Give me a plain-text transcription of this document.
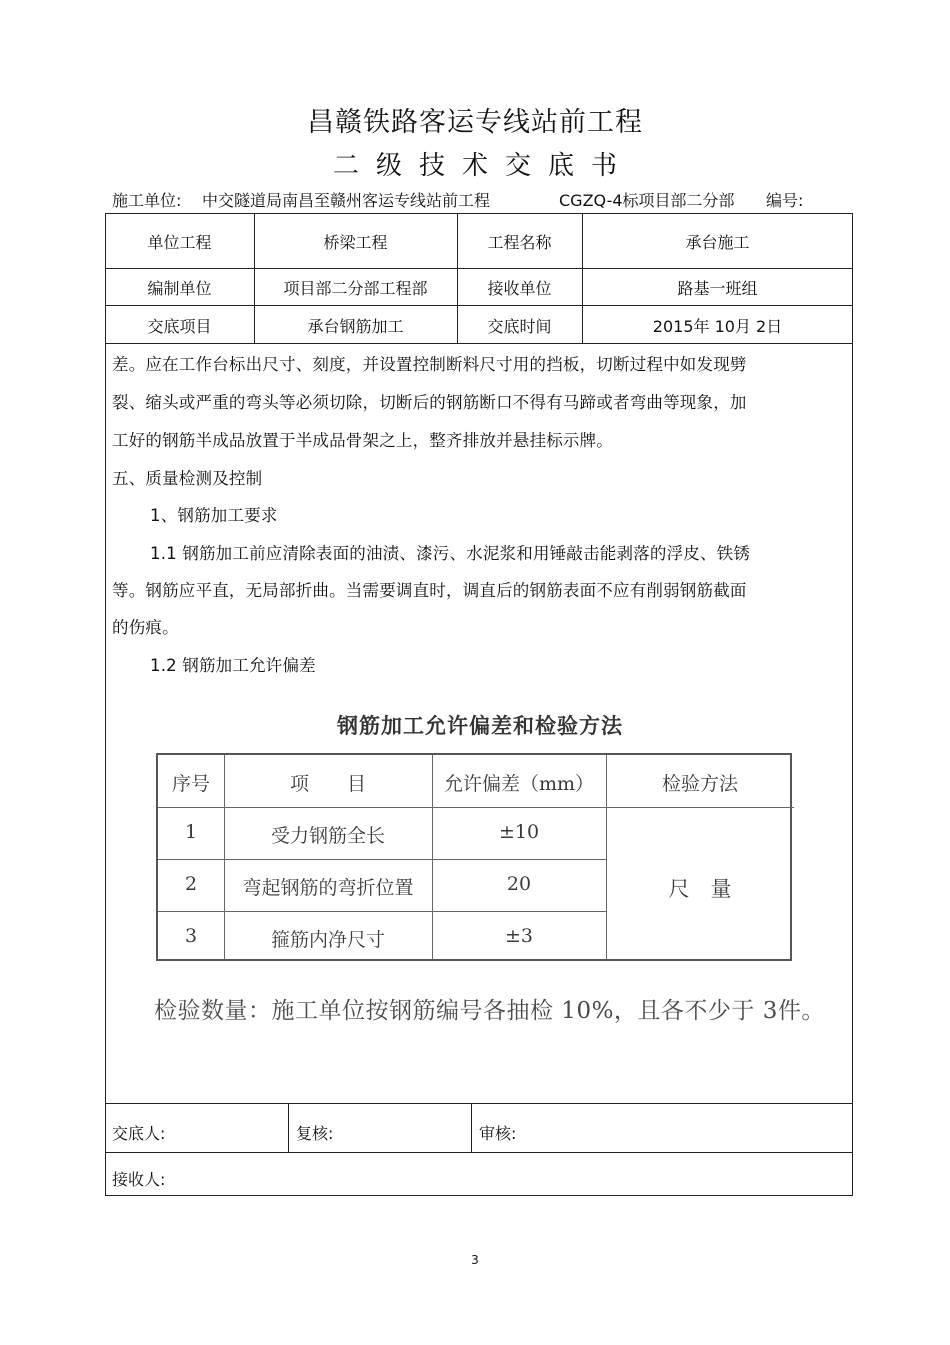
昌赣铁路客运专线站前工程
二级技术交底书
施工单位: 中交隧道局南昌至赣州客运专线站前工程	CGZQ-4标项目部二分部 编号:
单位工程	桥梁工程	工程名称	承台施工
编制单位	项目部二分部工程部	接收单位	路基一班组
交底项目	承台钢筋加工	交底时间	2015年 10月 2日
差。应在工作台标出尺寸、刻度，并设置控制断料尺寸用的挡板，切断过程中如发现劈
裂、缩头或严重的弯头等必须切除，切断后的钢筋断口不得有马蹄或者弯曲等现象，加
工好的钢筋半成品放置于半成品骨架之上，整齐排放并悬挂标示牌。
五、质量检测及控制
1、钢筋加工要求
1.1 钢筋加工前应清除表面的油渍、漆污、水泥浆和用锤敲击能剥落的浮皮、铁锈
等。钢筋应平直，无局部折曲。当需要调直时，调直后的钢筋表面不应有削弱钢筋截面
的伤痕。
1.2 钢筋加工允许偏差
钢筋加工允许偏差和检验方法
序号	项　　目	允许偏差（mm）	检验方法
1	受力钢筋全长	±10
2	弯起钢筋的弯折位置	20
3	箍筋内净尺寸	±3
尺　量
检验数量：施工单位按钢筋编号各抽检 10%，且各不少于 3件。
交底人:	复核:	审核:
接收人:
3
